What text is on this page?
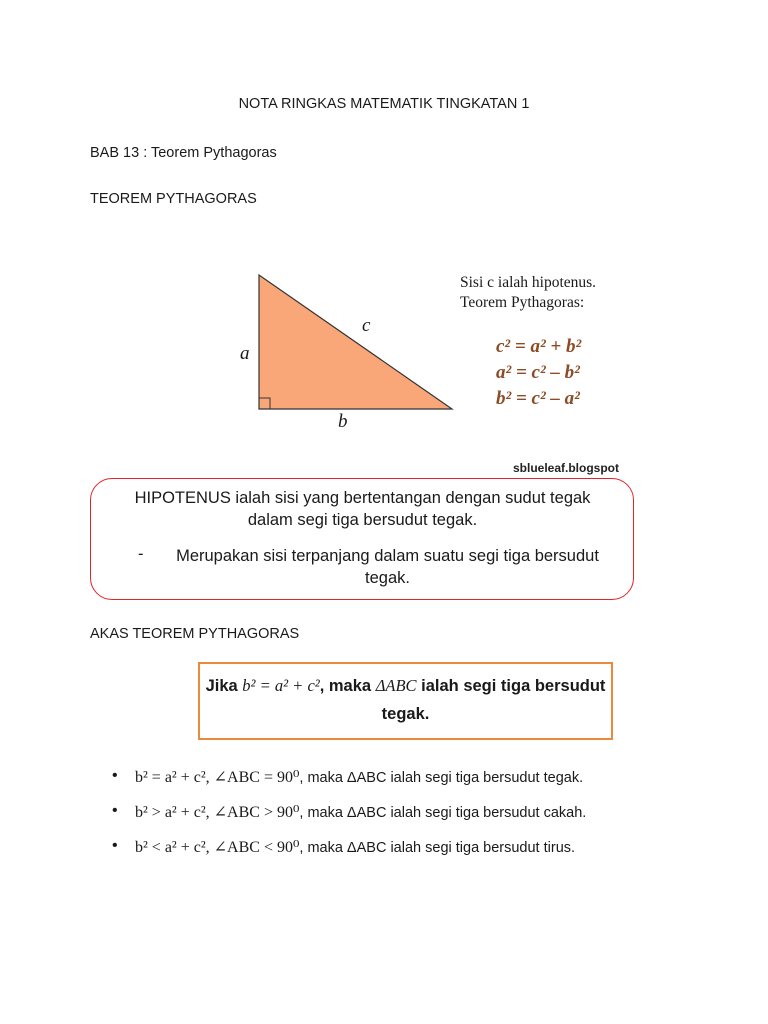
NOTA RINGKAS MATEMATIK TINGKATAN 1
BAB 13 : Teorem Pythagoras
TEOREM PYTHAGORAS
a
c
b
Sisi c ialah hipotenus.
Teorem Pythagoras:
c² = a² + b²
a² = c² – b²
b² = c² – a²
sblueleaf.blogspot
HIPOTENUS ialah sisi yang bertentangan dengan sudut tegak dalam segi tiga bersudut tegak.
-	Merupakan sisi terpanjang dalam suatu segi tiga bersudut tegak.
AKAS TEOREM PYTHAGORAS
Jika b² = a² + c², maka ΔABC ialah segi tiga bersudut tegak.
• b² = a² + c², ∠ABC = 90⁰, maka ΔABC ialah segi tiga bersudut tegak.
• b² > a² + c², ∠ABC > 90⁰, maka ΔABC ialah segi tiga bersudut cakah.
• b² < a² + c², ∠ABC < 90⁰, maka ΔABC ialah segi tiga bersudut tirus.
